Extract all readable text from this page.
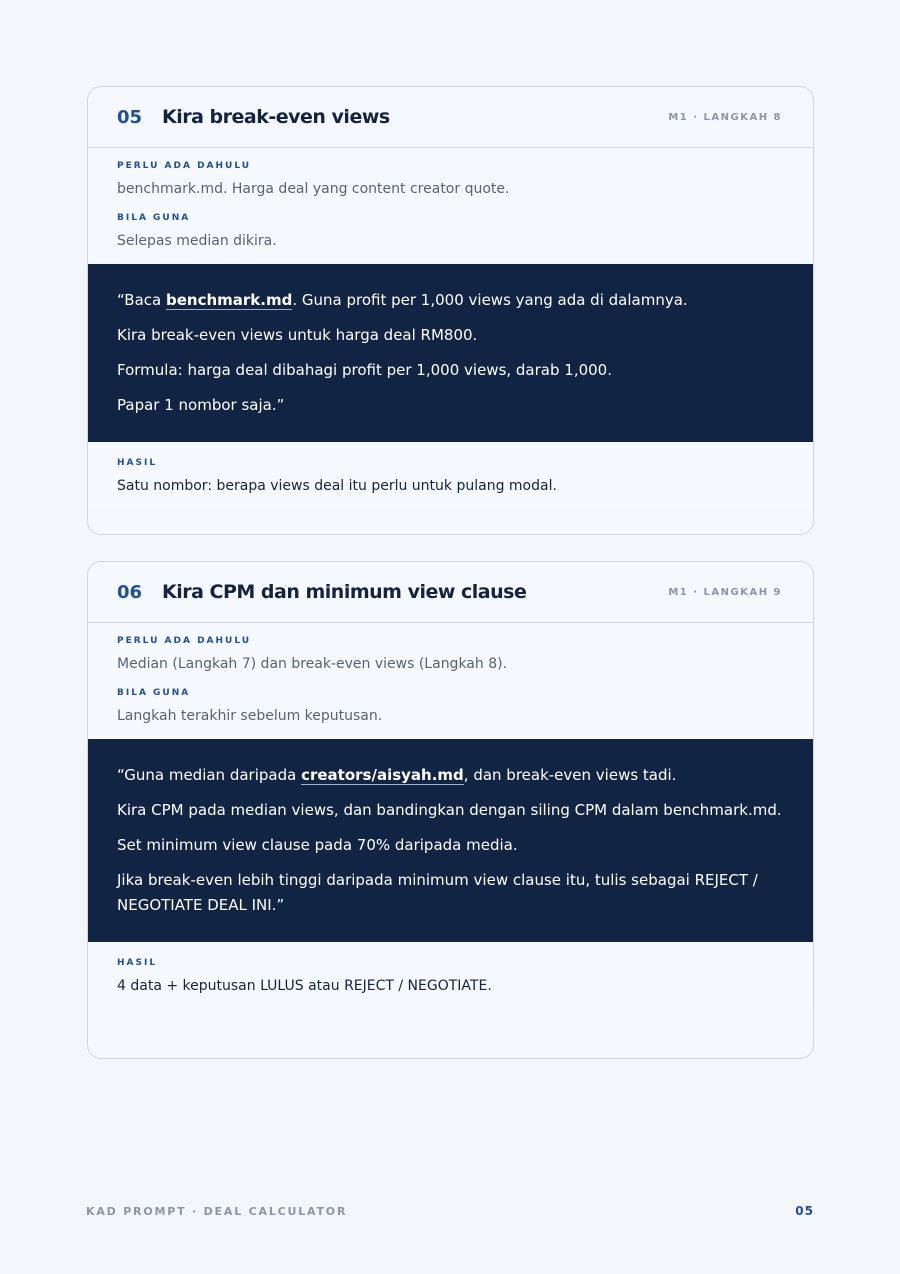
05	Kira break-even views	M1 · LANGKAH 8
PERLU ADA DAHULU
benchmark.md. Harga deal yang content creator quote.
BILA GUNA
Selepas median dikira.

“Baca benchmark.md. Guna profit per 1,000 views yang ada di dalamnya.

Kira break-even views untuk harga deal RM800.

Formula: harga deal dibahagi profit per 1,000 views, darab 1,000.

Papar 1 nombor saja.”

HASIL
Satu nombor: berapa views deal itu perlu untuk pulang modal.
06	Kira CPM dan minimum view clause	M1 · LANGKAH 9
PERLU ADA DAHULU
Median (Langkah 7) dan break-even views (Langkah 8).
BILA GUNA
Langkah terakhir sebelum keputusan.

“Guna median daripada creators/aisyah.md, dan break-even views tadi.

Kira CPM pada median views, dan bandingkan dengan siling CPM dalam benchmark.md.

Set minimum view clause pada 70% daripada media.

Jika break-even lebih tinggi daripada minimum view clause itu, tulis sebagai REJECT / NEGOTIATE DEAL INI.”

HASIL
4 data + keputusan LULUS atau REJECT / NEGOTIATE.
KAD PROMPT · DEAL CALCULATOR	05
